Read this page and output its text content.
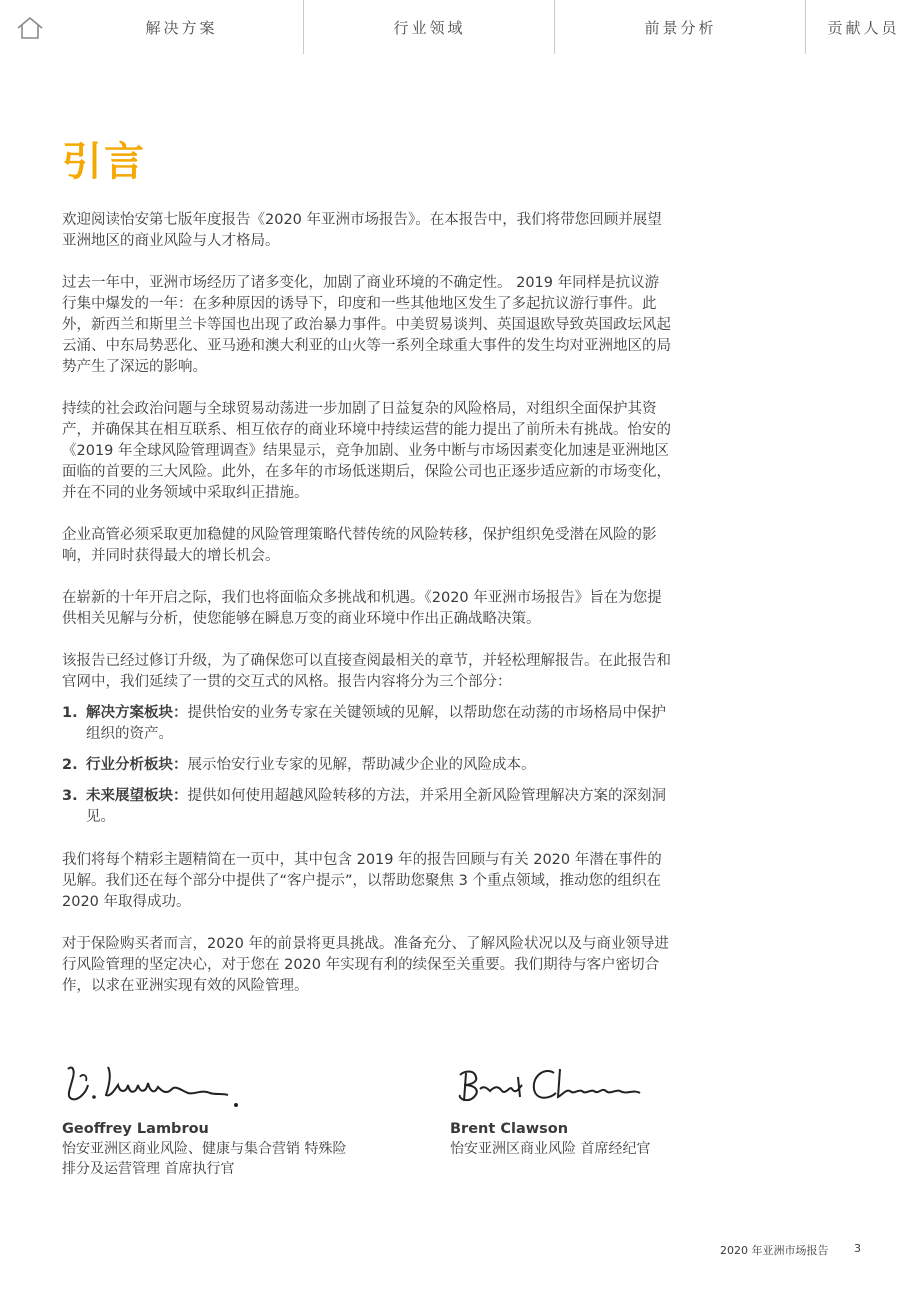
解决方案	行业领域	前景分析	贡献人员
引言

欢迎阅读怡安第七版年度报告《2020 年亚洲市场报告》。在本报告中，我们将带您回顾并展望亚洲地区的商业风险与人才格局。

过去一年中，亚洲市场经历了诸多变化，加剧了商业环境的不确定性。 2019 年同样是抗议游行集中爆发的一年：在多种原因的诱导下，印度和一些其他地区发生了多起抗议游行事件。此外，新西兰和斯里兰卡等国也出现了政治暴力事件。中美贸易谈判、英国退欧导致英国政坛风起云涌、中东局势恶化、亚马逊和澳大利亚的山火等一系列全球重大事件的发生均对亚洲地区的局势产生了深远的影响。

持续的社会政治问题与全球贸易动荡进一步加剧了日益复杂的风险格局，对组织全面保护其资产，并确保其在相互联系、相互依存的商业环境中持续运营的能力提出了前所未有挑战。怡安的《2019 年全球风险管理调查》结果显示，竞争加剧、业务中断与市场因素变化加速是亚洲地区面临的首要的三大风险。此外，在多年的市场低迷期后，保险公司也正逐步适应新的市场变化，并在不同的业务领域中采取纠正措施。

企业高管必须采取更加稳健的风险管理策略代替传统的风险转移，保护组织免受潜在风险的影响，并同时获得最大的增长机会。

在崭新的十年开启之际，我们也将面临众多挑战和机遇。《2020 年亚洲市场报告》旨在为您提供相关见解与分析，使您能够在瞬息万变的商业环境中作出正确战略决策。

该报告已经过修订升级，为了确保您可以直接查阅最相关的章节，并轻松理解报告。在此报告和官网中，我们延续了一贯的交互式的风格。报告内容将分为三个部分：

1. 解决方案板块：提供怡安的业务专家在关键领域的见解，以帮助您在动荡的市场格局中保护组织的资产。
2. 行业分析板块：展示怡安行业专家的见解，帮助减少企业的风险成本。
3. 未来展望板块：提供如何使用超越风险转移的方法，并采用全新风险管理解决方案的深刻洞见。

我们将每个精彩主题精简在一页中，其中包含 2019 年的报告回顾与有关 2020 年潜在事件的见解。我们还在每个部分中提供了“客户提示”，以帮助您聚焦 3 个重点领域，推动您的组织在 2020 年取得成功。

对于保险购买者而言，2020 年的前景将更具挑战。准备充分、了解风险状况以及与商业领导进行风险管理的坚定决心，对于您在 2020 年实现有利的续保至关重要。我们期待与客户密切合作，以求在亚洲实现有效的风险管理。

Geoffrey Lambrou
怡安亚洲区商业风险、健康与集合营销 特殊险
排分及运营管理 首席执行官
Brent Clawson
怡安亚洲区商业风险 首席经纪官
2020 年亚洲市场报告 3
